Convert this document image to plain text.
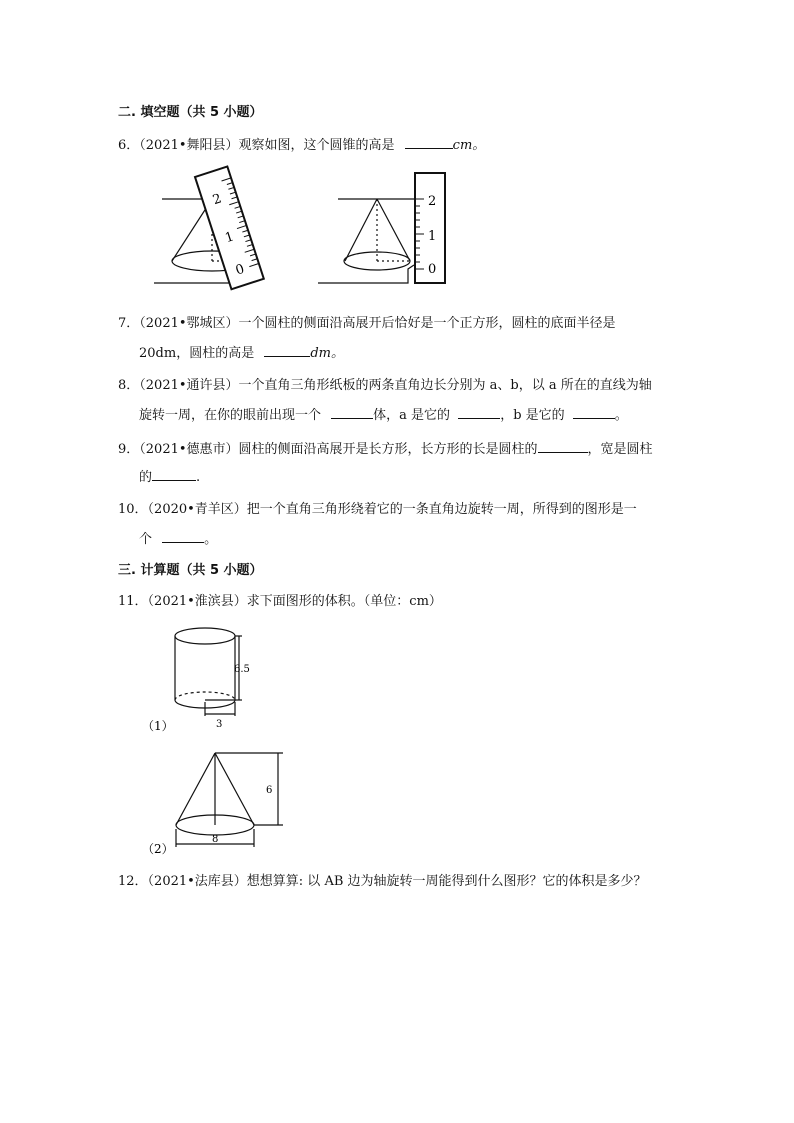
二. 填空题（共 5 小题）
6．（2021•舞阳县）观察如图，这个圆锥的高是	cm。
2
1
0
2
1
0
7．（2021•鄂城区）一个圆柱的侧面沿高展开后恰好是一个正方形，圆柱的底面半径是
20dm，圆柱的高是	dm。
8．（2021•通许县）一个直角三角形纸板的两条直角边长分别为 a、b，以 a 所在的直线为轴
旋转一周，在你的眼前出现一个	体，a 是它的	，b 是它的	。
9．（2021•德惠市）圆柱的侧面沿高展开是长方形，长方形的长是圆柱的	，宽是圆柱
的	.
10．（2020•青羊区）把一个直角三角形绕着它的一条直角边旋转一周，所得到的图形是一
个	。
三. 计算题（共 5 小题）
11．（2021•淮滨县）求下面图形的体积。（单位：cm）
6.5
3
（1）
6
8
（2）
12．（2021•法库县）想想算算: 以 AB 边为轴旋转一周能得到什么图形？它的体积是多少？
